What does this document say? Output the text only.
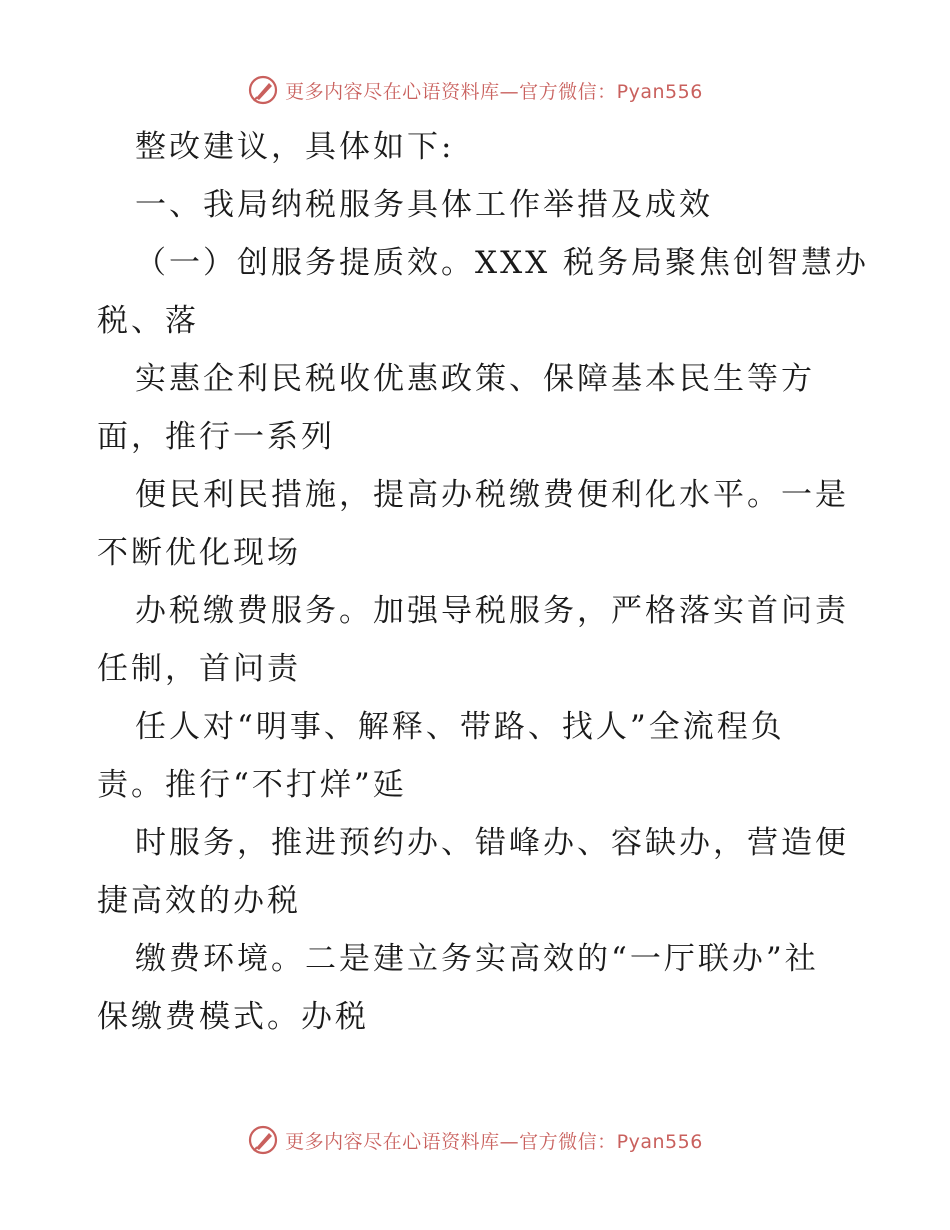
更多内容尽在心语资料库—官方微信：Pyan556
整改建议，具体如下:
一、我局纳税服务具体工作举措及成效
（一）创服务提质效。XXX 税务局聚焦创智慧办
税、落
实惠企利民税收优惠政策、保障基本民生等方
面，推行一系列
便民利民措施，提高办税缴费便利化水平。一是
不断优化现场
办税缴费服务。加强导税服务，严格落实首问责
任制，首问责
任人对“明事、解释、带路、找人”全流程负
责。推行“不打烊”延
时服务，推进预约办、错峰办、容缺办，营造便
捷高效的办税
缴费环境。二是建立务实高效的“一厅联办”社
保缴费模式。办税
更多内容尽在心语资料库—官方微信：Pyan556
